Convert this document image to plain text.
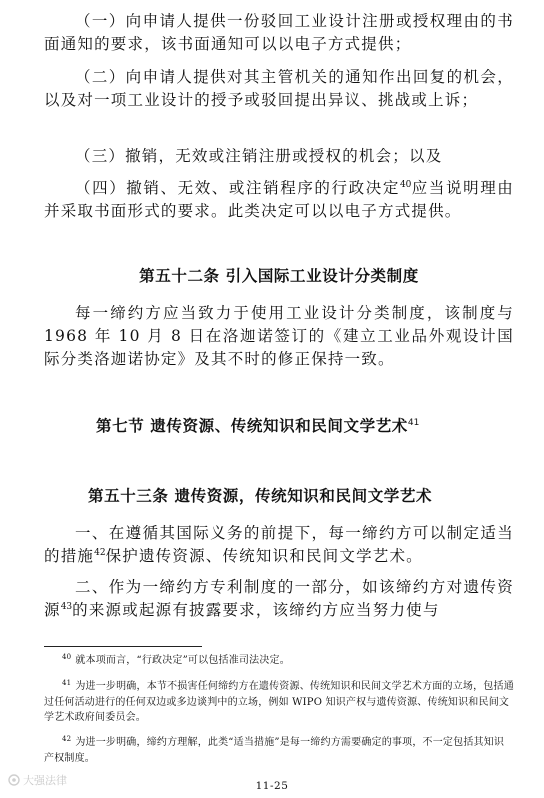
（一）向申请人提供一份驳回工业设计注册或授权理由的书面通知的要求，该书面通知可以以电子方式提供；

（二）向申请人提供对其主管机关的通知作出回复的机会，以及对一项工业设计的授予或驳回提出异议、挑战或上诉；

（三）撤销，无效或注销注册或授权的机会；以及

（四）撤销、无效、或注销程序的行政决定$^{40}$应当说明理由并采取书面形式的要求。此类决定可以以电子方式提供。

第五十二条 引入国际工业设计分类制度

每一缔约方应当致力于使用工业设计分类制度，该制度与 1968 年 10 月 8 日在洛迦诺签订的《建立工业品外观设计国际分类洛迦诺协定》及其不时的修正保持一致。

第七节 遗传资源、传统知识和民间文学艺术$^{41}$
第五十三条 遗传资源，传统知识和民间文学艺术

一、在遵循其国际义务的前提下，每一缔约方可以制定适当的措施$^{42}$保护遗传资源、传统知识和民间文学艺术。

二、作为一缔约方专利制度的一部分，如该缔约方对遗传资源$^{43}$的来源或起源有披露要求，该缔约方应当努力使与

$^{40}$ 就本项而言，“行政决定”可以包括准司法决定。

$^{41}$ 为进一步明确，本节不损害任何缔约方在遗传资源、传统知识和民间文学艺术方面的立场，包括通过任何活动进行的任何双边或多边谈判中的立场，例如 WIPO 知识产权与遗传资源、传统知识和民间文学艺术政府间委员会。

$^{42}$ 为进一步明确，缔约方理解，此类“适当措施”是每一缔约方需要确定的事项，不一定包括其知识产权制度。

大强法律	11-25
